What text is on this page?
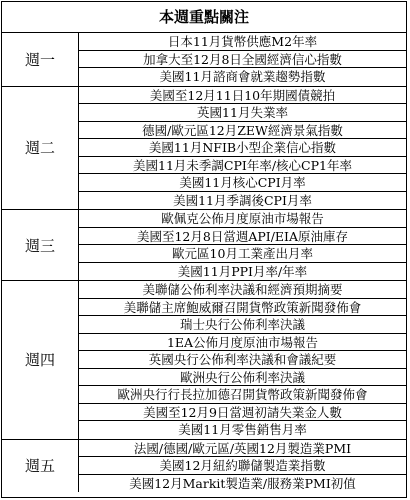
本週重點關注
週一
日本11月貨幣供應M2年率
加拿大至12月8日全國經濟信心指數
美國11月諮商會就業趨勢指數
週二
美國至12月11日10年期國債競拍
英國11月失業率
德國/歐元區12月ZEW經濟景氣指數
美國11月NFIB小型企業信心指數
美國11月未季調CPI年率/核心CP1年率
美國11月核心CPI月率
美國11月季調後CPI月率
週三
歐佩克公佈月度原油市場報告
美國至12月8日當週API/EIA原油庫存
歐元區10月工業產出月率
美國11月PPI月率/年率
週四
美聯儲公佈利率決議和經濟預期摘要
美聯儲主席鮑威爾召開貨幣政策新聞發佈會
瑞士央行公佈利率決議
1EA公佈月度原油市場報告
英國央行公佈利率決議和會議紀要
歐洲央行公佈利率決議
歐洲央行行長拉加德召開貨幣政策新聞發佈會
美國至12月9日當週初請失業金人數
美國11月零售銷售月率
週五
法國/德國/歐元區/英國12月製造業PMI
美國12月紐約聯儲製造業指數
美國12月Markit製造業/服務業PMI初值
